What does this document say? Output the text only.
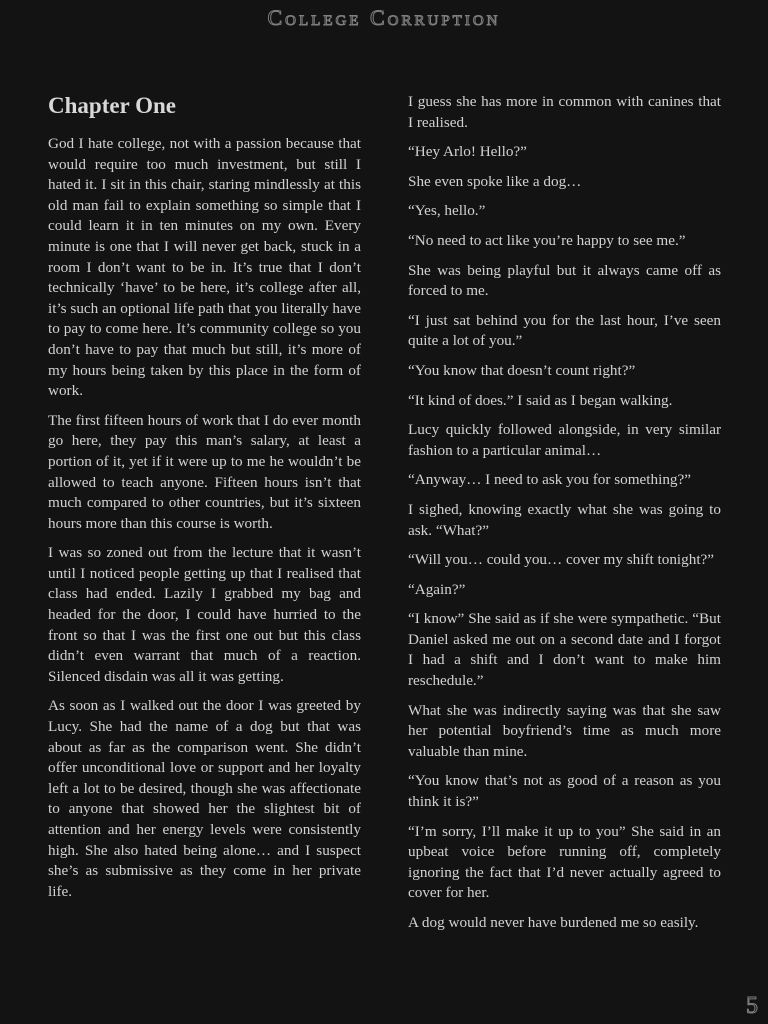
College Corruption
Chapter One

God I hate college, not with a passion because that would require too much investment, but still I hated it. I sit in this chair, staring mindlessly at this old man fail to explain something so simple that I could learn it in ten minutes on my own. Every minute is one that I will never get back, stuck in a room I don’t want to be in. It’s true that I don’t technically ‘have’ to be here, it’s college after all, it’s such an optional life path that you literally have to pay to come here. It’s community college so you don’t have to pay that much but still, it’s more of my hours being taken by this place in the form of work.

The first fifteen hours of work that I do ever month go here, they pay this man’s salary, at least a portion of it, yet if it were up to me he wouldn’t be allowed to teach anyone. Fifteen hours isn’t that much compared to other countries, but it’s sixteen hours more than this course is worth.

I was so zoned out from the lecture that it wasn’t until I noticed people getting up that I realised that class had ended. Lazily I grabbed my bag and headed for the door, I could have hurried to the front so that I was the first one out but this class didn’t even warrant that much of a reaction. Silenced disdain was all it was getting.

As soon as I walked out the door I was greeted by Lucy. She had the name of a dog but that was about as far as the comparison went. She didn’t offer unconditional love or support and her loyalty left a lot to be desired, though she was affectionate to anyone that showed her the slightest bit of attention and her energy levels were consistently high. She also hated being alone… and I suspect she’s as submissive as they come in her private life.

I guess she has more in common with canines that I realised.

“Hey Arlo! Hello?”

She even spoke like a dog…

“Yes, hello.”

“No need to act like you’re happy to see me.”

She was being playful but it always came off as forced to me.

“I just sat behind you for the last hour, I’ve seen quite a lot of you.”

“You know that doesn’t count right?”

“It kind of does.” I said as I began walking.

Lucy quickly followed alongside, in very similar fashion to a particular animal…

“Anyway… I need to ask you for something?”

I sighed, knowing exactly what she was going to ask. “What?”

“Will you… could you… cover my shift tonight?”

“Again?”

“I know” She said as if she were sympathetic. “But Daniel asked me out on a second date and I forgot I had a shift and I don’t want to make him reschedule.”

What she was indirectly saying was that she saw her potential boyfriend’s time as much more valuable than mine.

“You know that’s not as good of a reason as you think it is?”

“I’m sorry, I’ll make it up to you” She said in an upbeat voice before running off, completely ignoring the fact that I’d never actually agreed to cover for her.

A dog would never have burdened me so easily.

5
